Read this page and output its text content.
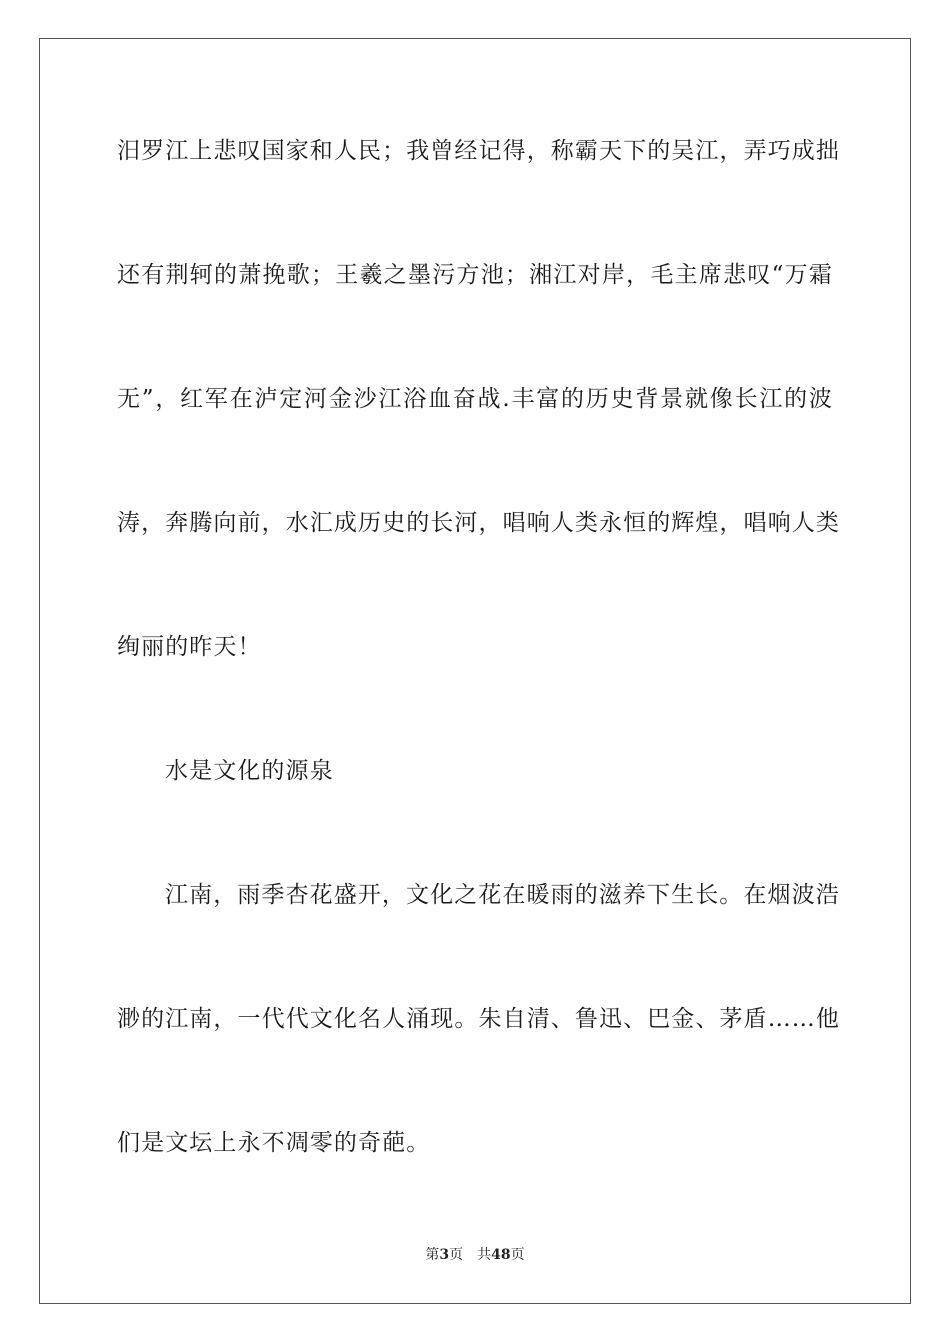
汨罗江上悲叹国家和人民；我曾经记得，称霸天下的吴江，弄巧成拙
还有荆轲的萧挽歌；王羲之墨污方池；湘江对岸，毛主席悲叹“万霜
无”，红军在泸定河金沙江浴血奋战.丰富的历史背景就像长江的波
涛，奔腾向前，水汇成历史的长河，唱响人类永恒的辉煌，唱响人类
绚丽的昨天！
水是文化的源泉
江南，雨季杏花盛开，文化之花在暖雨的滋养下生长。在烟波浩
渺的江南，一代代文化名人涌现。朱自清、鲁迅、巴金、茅盾……他
们是文坛上永不凋零的奇葩。
第3页　共48页
